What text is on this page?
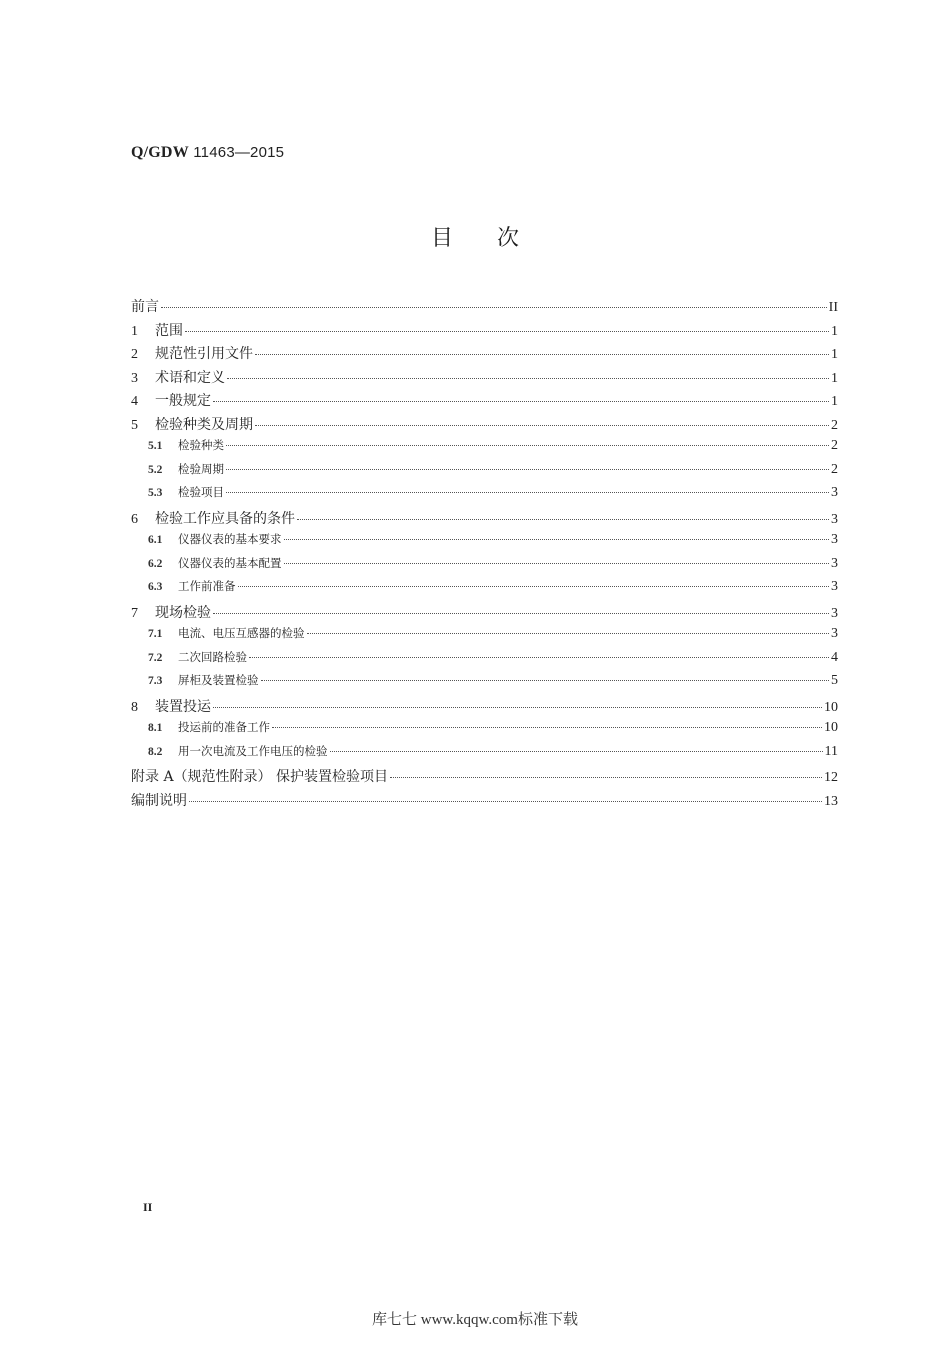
Q/GDW 11463—2015
目次
前言	II
1	范围	1
2	规范性引用文件	1
3	术语和定义	1
4	一般规定	1
5	检验种类及周期	2
5.1	检验种类	2
5.2	检验周期	2
5.3	检验项目	3
6	检验工作应具备的条件	3
6.1	仪器仪表的基本要求	3
6.2	仪器仪表的基本配置	3
6.3	工作前准备	3
7	现场检验	3
7.1	电流、电压互感器的检验	3
7.2	二次回路检验	4
7.3	屏柜及装置检验	5
8	装置投运	10
8.1	投运前的准备工作	10
8.2	用一次电流及工作电压的检验	11
附录 A（规范性附录） 保护装置检验项目	12
编制说明	13
II
库七七 www.kqqw.com标准下载
